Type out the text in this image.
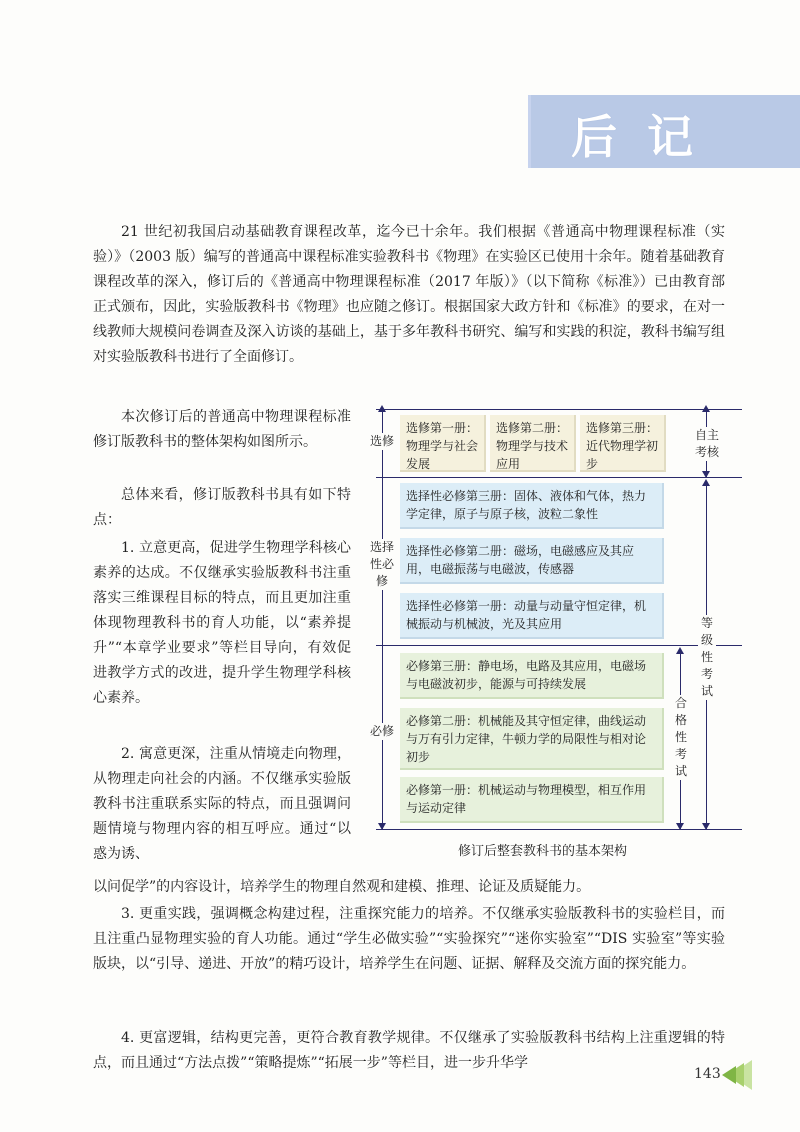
后记

21 世纪初我国启动基础教育课程改革，迄今已十余年。我们根据《普通高中物理课程标准（实验）》（2003 版）编写的普通高中课程标准实验教科书《物理》在实验区已使用十余年。随着基础教育课程改革的深入，修订后的《普通高中物理课程标准（2017 年版）》（以下简称《标准》）已由教育部正式颁布，因此，实验版教科书《物理》也应随之修订。根据国家大政方针和《标准》的要求，在对一线教师大规模问卷调查及深入访谈的基础上，基于多年教科书研究、编写和实践的积淀，教科书编写组对实验版教科书进行了全面修订。

本次修订后的普通高中物理课程标准修订版教科书的整体架构如图所示。

总体来看，修订版教科书具有如下特点：

1. 立意更高，促进学生物理学科核心素养的达成。不仅继承实验版教科书注重落实三维课程目标的特点，而且更加注重体现物理教科书的育人功能，以“素养提升”“本章学业要求”等栏目导向，有效促进教学方式的改进，提升学生物理学科核心素养。

2. 寓意更深，注重从情境走向物理，从物理走向社会的内涵。不仅继承实验版教科书注重联系实际的特点，而且强调问题情境与物理内容的相互呼应。通过“以惑为诱、

以问促学”的内容设计，培养学生的物理自然观和建模、推理、论证及质疑能力。

3. 更重实践，强调概念构建过程，注重探究能力的培养。不仅继承实验版教科书的实验栏目，而且注重凸显物理实验的育人功能。通过“学生必做实验”“实验探究”“迷你实验室”“DIS 实验室”等实验版块，以“引导、递进、开放”的精巧设计，培养学生在问题、证据、解释及交流方面的探究能力。

4. 更富逻辑，结构更完善，更符合教育教学规律。不仅继承了实验版教科书结构上注重逻辑的特点，而且通过“方法点拨”“策略提炼”“拓展一步”等栏目，进一步升华学

选修
选择性必修
必修
选修第一册：
物理学与社会发展
选修第二册：
物理学与技术应用
选修第三册：
近代物理学初步
选择性必修第三册：固体、液体和气体，热力学定律，原子与原子核，波粒二象性
选择性必修第二册：磁场，电磁感应及其应用，电磁振荡与电磁波，传感器
选择性必修第一册：动量与动量守恒定律，机械振动与机械波，光及其应用
必修第三册：静电场，电路及其应用，电磁场与电磁波初步，能源与可持续发展
必修第二册：机械能及其守恒定律，曲线运动与万有引力定律，牛顿力学的局限性与相对论初步
必修第一册：机械运动与物理模型，相互作用与运动定律
自主考核
等级性考试
合格性考试
修订后整套教科书的基本架构
143
